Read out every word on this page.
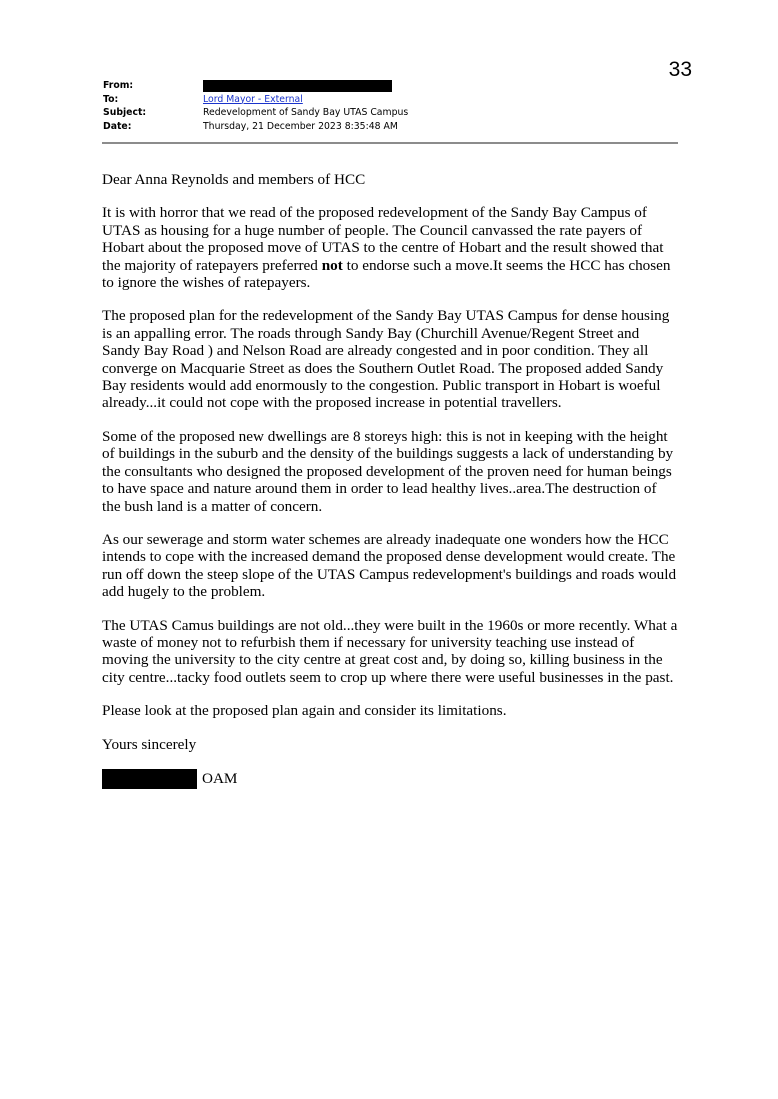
33
From:
To:	Lord Mayor - External
Subject:	Redevelopment of Sandy Bay UTAS Campus
Date:	Thursday, 21 December 2023 8:35:48 AM

Dear Anna Reynolds and members of HCC

It is with horror that we read of the proposed redevelopment of the Sandy Bay Campus of UTAS as housing for a huge number of people. The Council canvassed the rate payers of Hobart about the proposed move of UTAS to the centre of Hobart and the result showed that the majority of ratepayers preferred not to endorse such a move.It seems the HCC has chosen to ignore the wishes of ratepayers.

The proposed plan for the redevelopment of the Sandy Bay UTAS Campus for dense housing is an appalling error. The roads through Sandy Bay (Churchill Avenue/Regent Street and Sandy Bay Road ) and Nelson Road are already congested and in poor condition. They all converge on Macquarie Street as does the Southern Outlet Road. The proposed added Sandy Bay residents would add enormously to the congestion. Public transport in Hobart is woeful already...it could not cope with the proposed increase in potential travellers.

Some of the proposed new dwellings are 8 storeys high: this is not in keeping with the height of buildings in the suburb and the density of the buildings suggests a lack of understanding by the consultants who designed the proposed development of the proven need for human beings to have space and nature around them in order to lead healthy lives..area.The destruction of the bush land is a matter of concern.

As our sewerage and storm water schemes are already inadequate one wonders how the HCC intends to cope with the increased demand the proposed dense development would create. The run off down the steep slope of the UTAS Campus redevelopment's buildings and roads would add hugely to the problem.

The UTAS Camus buildings are not old...they were built in the 1960s or more recently. What a waste of money not to refurbish them if necessary for university teaching use instead of moving the university to the city centre at great cost and, by doing so, killing business in the city centre...tacky food outlets seem to crop up where there were useful businesses in the past.

Please look at the proposed plan again and consider its limitations.

Yours sincerely

OAM
